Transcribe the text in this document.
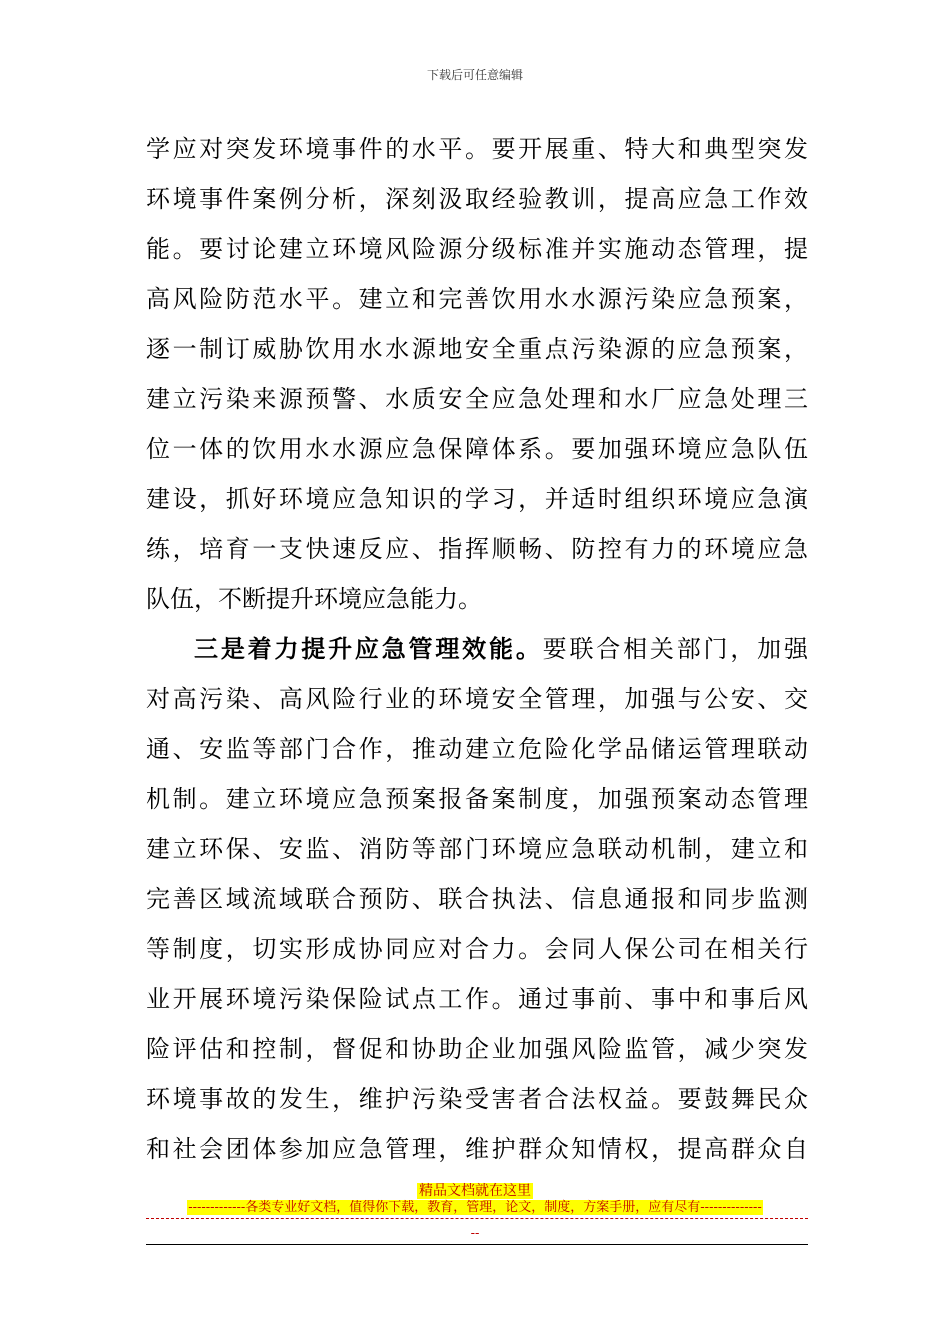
下载后可任意编辑
学应对突发环境事件的水平。要开展重、特大和典型突发
环境事件案例分析，深刻汲取经验教训，提高应急工作效
能。要讨论建立环境风险源分级标准并实施动态管理，提
高风险防范水平。建立和完善饮用水水源污染应急预案，
逐一制订威胁饮用水水源地安全重点污染源的应急预案，
建立污染来源预警、水质安全应急处理和水厂应急处理三
位一体的饮用水水源应急保障体系。要加强环境应急队伍
建设，抓好环境应急知识的学习，并适时组织环境应急演
练，培育一支快速反应、指挥顺畅、防控有力的环境应急
队伍，不断提升环境应急能力。
三是着力提升应急管理效能。要联合相关部门，加强
对高污染、高风险行业的环境安全管理，加强与公安、交
通、安监等部门合作，推动建立危险化学品储运管理联动
机制。建立环境应急预案报备案制度，加强预案动态管理
建立环保、安监、消防等部门环境应急联动机制，建立和
完善区域流域联合预防、联合执法、信息通报和同步监测
等制度，切实形成协同应对合力。会同人保公司在相关行
业开展环境污染保险试点工作。通过事前、事中和事后风
险评估和控制，督促和协助企业加强风险监管，减少突发
环境事故的发生，维护污染受害者合法权益。要鼓舞民众
和社会团体参加应急管理，维护群众知情权，提高群众自
精品文档就在这里
-------------各类专业好文档，值得你下载，教育，管理，论文，制度，方案手册，应有尽有--------------
--
